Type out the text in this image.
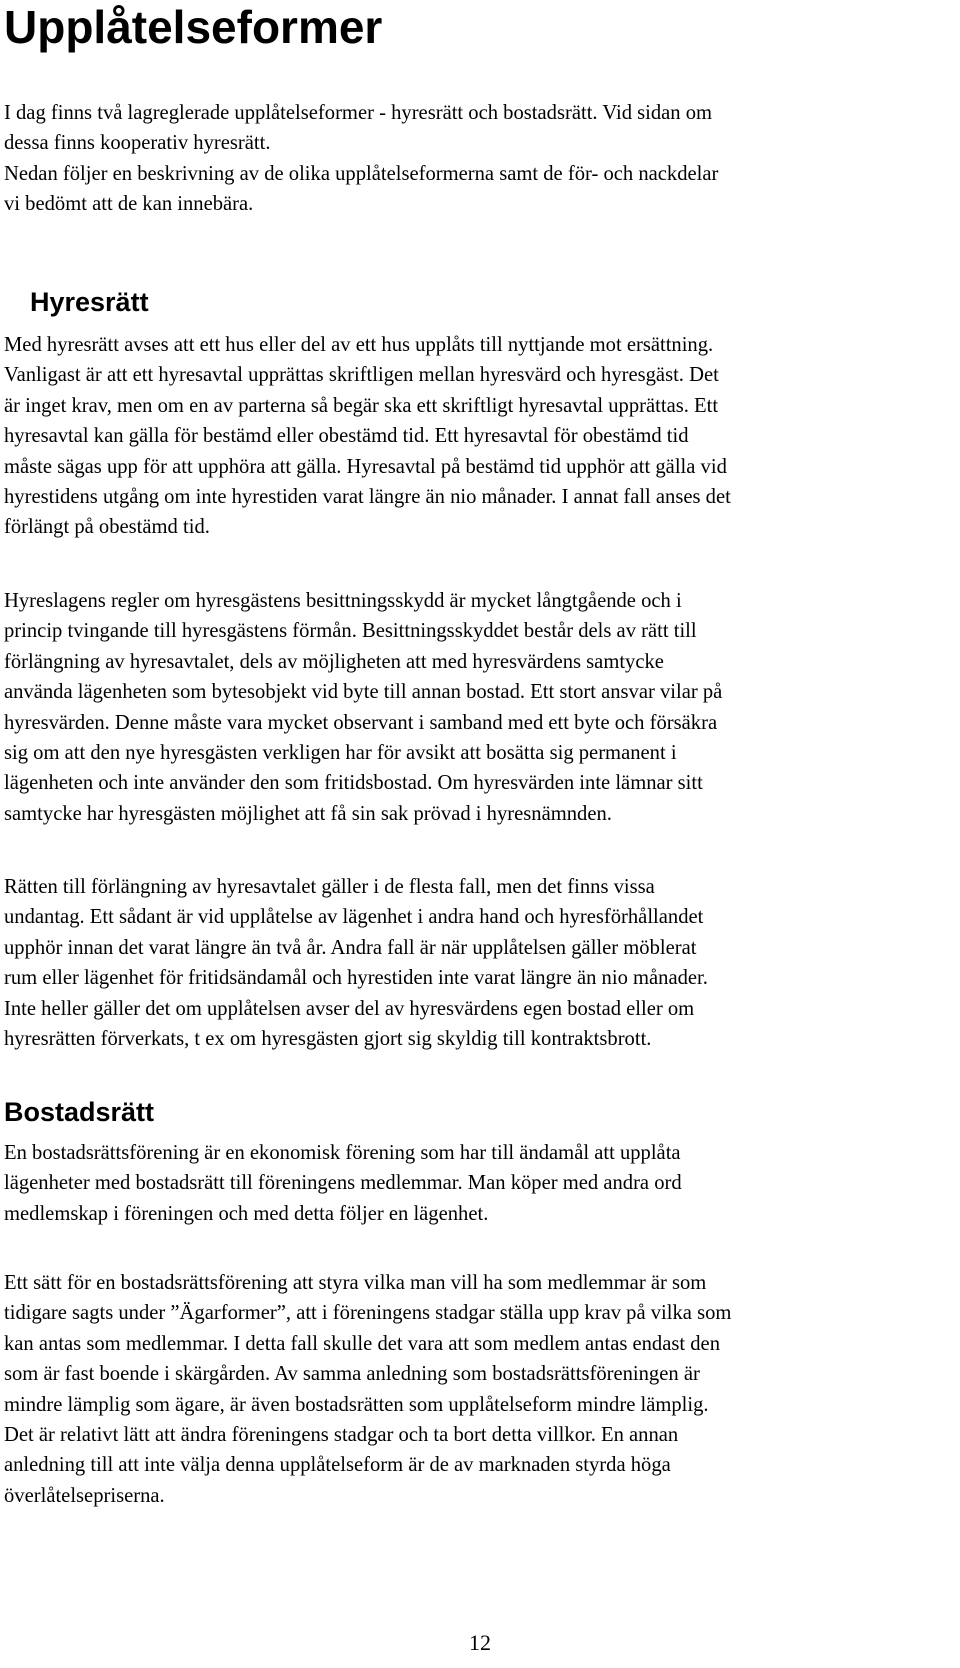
Upplåtelseformer

I dag finns två lagreglerade upplåtelseformer - hyresrätt och bostadsrätt. Vid sidan om
dessa finns kooperativ hyresrätt.
Nedan följer en beskrivning av de olika upplåtelseformerna samt de för- och nackdelar
vi bedömt att de kan innebära.

Hyresrätt

Med hyresrätt avses att ett hus eller del av ett hus upplåts till nyttjande mot ersättning.
Vanligast är att ett hyresavtal upprättas skriftligen mellan hyresvärd och hyresgäst. Det
är inget krav, men om en av parterna så begär ska ett skriftligt hyresavtal upprättas. Ett
hyresavtal kan gälla för bestämd eller obestämd tid. Ett hyresavtal för obestämd tid
måste sägas upp för att upphöra att gälla. Hyresavtal på bestämd tid upphör att gälla vid
hyrestidens utgång om inte hyrestiden varat längre än nio månader. I annat fall anses det
förlängt på obestämd tid.

Hyreslagens regler om hyresgästens besittningsskydd är mycket långtgående och i
princip tvingande till hyresgästens förmån. Besittningsskyddet består dels av rätt till
förlängning av hyresavtalet, dels av möjligheten att med hyresvärdens samtycke
använda lägenheten som bytesobjekt vid byte till annan bostad. Ett stort ansvar vilar på
hyresvärden. Denne måste vara mycket observant i samband med ett byte och försäkra
sig om att den nye hyresgästen verkligen har för avsikt att bosätta sig permanent i
lägenheten och inte använder den som fritidsbostad. Om hyresvärden inte lämnar sitt
samtycke har hyresgästen möjlighet att få sin sak prövad i hyresnämnden.

Rätten till förlängning av hyresavtalet gäller i de flesta fall, men det finns vissa
undantag. Ett sådant är vid upplåtelse av lägenhet i andra hand och hyresförhållandet
upphör innan det varat längre än två år. Andra fall är när upplåtelsen gäller möblerat
rum eller lägenhet för fritidsändamål och hyrestiden inte varat längre än nio månader.
Inte heller gäller det om upplåtelsen avser del av hyresvärdens egen bostad eller om
hyresrätten förverkats, t ex om hyresgästen gjort sig skyldig till kontraktsbrott.

Bostadsrätt

En bostadsrättsförening är en ekonomisk förening som har till ändamål att upplåta
lägenheter med bostadsrätt till föreningens medlemmar. Man köper med andra ord
medlemskap i föreningen och med detta följer en lägenhet.

Ett sätt för en bostadsrättsförening att styra vilka man vill ha som medlemmar är som
tidigare sagts under ”Ägarformer”, att i föreningens stadgar ställa upp krav på vilka som
kan antas som medlemmar. I detta fall skulle det vara att som medlem antas endast den
som är fast boende i skärgården. Av samma anledning som bostadsrättsföreningen är
mindre lämplig som ägare, är även bostadsrätten som upplåtelseform mindre lämplig.
Det är relativt lätt att ändra föreningens stadgar och ta bort detta villkor. En annan
anledning till att inte välja denna upplåtelseform är de av marknaden styrda höga
överlåtelsepriserna.

12
